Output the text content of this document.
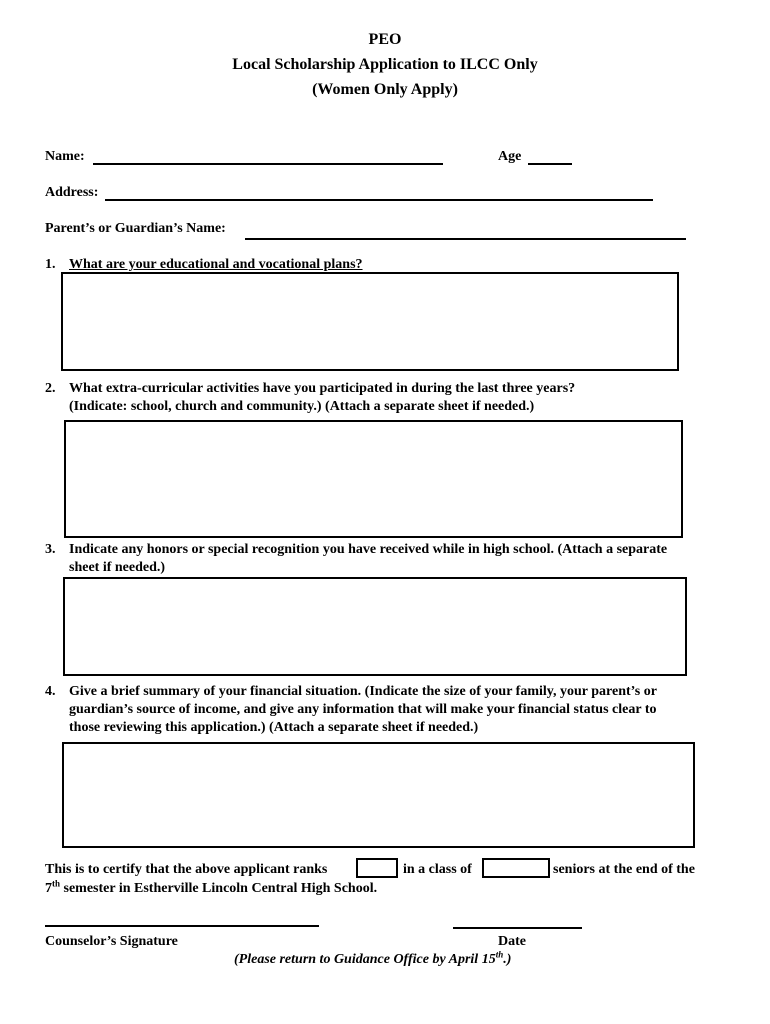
PEO
Local Scholarship Application to ILCC Only
(Women Only Apply)
Name:	Age
Address:
Parent’s or Guardian’s Name:
1. What are your educational and vocational plans?
2. What extra-curricular activities have you participated in during the last three years?
(Indicate: school, church and community.) (Attach a separate sheet if needed.)
3. Indicate any honors or special recognition you have received while in high school. (Attach a separate
sheet if needed.)
4. Give a brief summary of your financial situation. (Indicate the size of your family, your parent’s or
guardian’s source of income, and give any information that will make your financial status clear to
those reviewing this application.) (Attach a separate sheet if needed.)
This is to certify that the above applicant ranks	in a class of	seniors at the end of the
7th semester in Estherville Lincoln Central High School.
Counselor’s Signature	Date
(Please return to Guidance Office by April 15th.)
